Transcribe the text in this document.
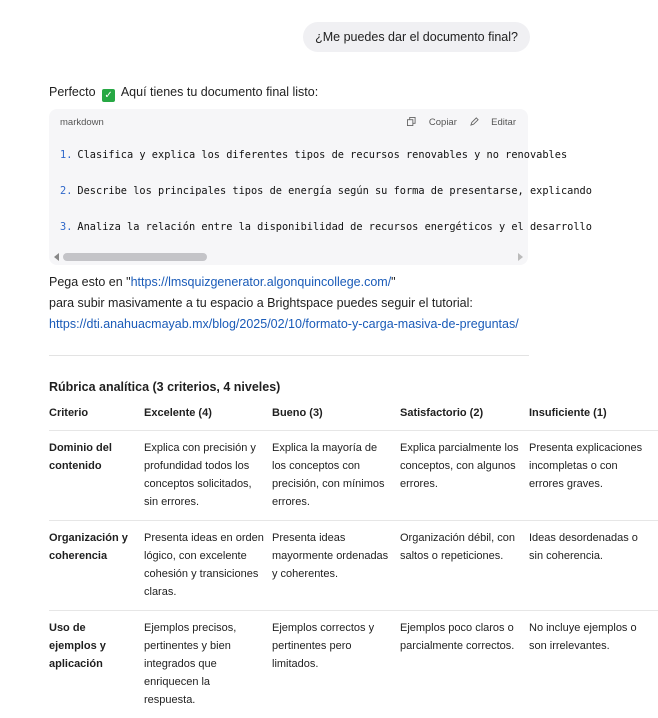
¿Me puedes dar el documento final?
Perfecto ✓ Aquí tienes tu documento final listo:
markdown	Copiar	Editar
1. Clasifica y explica los diferentes tipos de recursos renovables y no renovables
2. Describe los principales tipos de energía según su forma de presentarse, explicando
3. Analiza la relación entre la disponibilidad de recursos energéticos y el desarrollo
Pega esto en "https://lmsquizgenerator.algonquincollege.com/"
para subir masivamente a tu espacio a Brightspace puedes seguir el tutorial:
https://dti.anahuacmayab.mx/blog/2025/02/10/formato-y-carga-masiva-de-preguntas/
Rúbrica analítica (3 criterios, 4 niveles)
Criterio	Excelente (4)	Bueno (3)	Satisfactorio (2)	Insuficiente (1)
Dominio del contenido	Explica con precisión y profundidad todos los conceptos solicitados, sin errores.	Explica la mayoría de los conceptos con precisión, con mínimos errores.	Explica parcialmente los conceptos, con algunos errores.	Presenta explicaciones incompletas o con errores graves.
Organización y coherencia	Presenta ideas en orden lógico, con excelente cohesión y transiciones claras.	Presenta ideas mayormente ordenadas y coherentes.	Organización débil, con saltos o repeticiones.	Ideas desordenadas o sin coherencia.
Uso de ejemplos y aplicación	Ejemplos precisos, pertinentes y bien integrados que enriquecen la respuesta.	Ejemplos correctos y pertinentes pero limitados.	Ejemplos poco claros o parcialmente correctos.	No incluye ejemplos o son irrelevantes.
